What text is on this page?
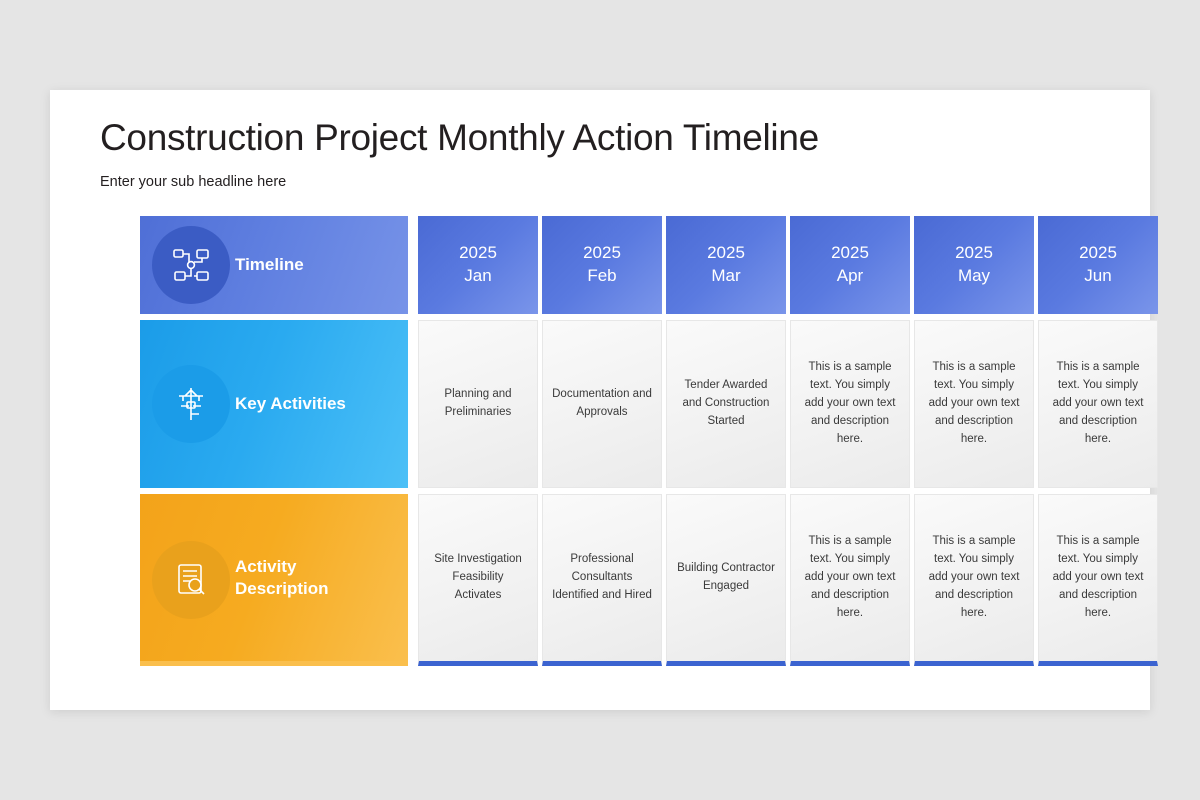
Construction Project Monthly Action Timeline
Enter your sub headline here
Timeline
2025
Jan
2025
Feb
2025
Mar
2025
Apr
2025
May
2025
Jun
Key Activities
Planning and Preliminaries
Documentation and Approvals
Tender Awarded and Construction Started
This is a sample text. You simply add your own text and description here.
This is a sample text. You simply add your own text and description here.
This is a sample text. You simply add your own text and description here.
Activity
Description
Site Investigation Feasibility Activates
Professional Consultants Identified and Hired
Building Contractor Engaged
This is a sample text. You simply add your own text and description here.
This is a sample text. You simply add your own text and description here.
This is a sample text. You simply add your own text and description here.
